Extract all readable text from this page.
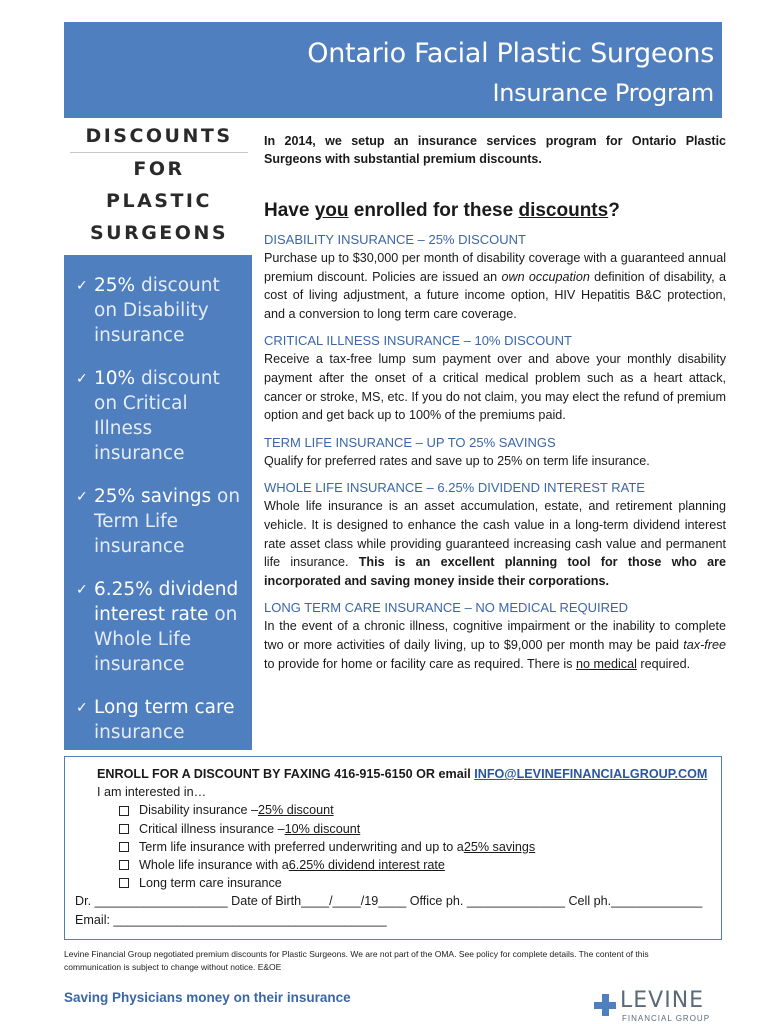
Ontario Facial Plastic Surgeons
Insurance Program
DISCOUNTS
FOR
PLASTIC
SURGEONS
✓ 25% discount on Disability insurance
✓ 10% discount on Critical Illness insurance
✓ 25% savings on Term Life insurance
✓ 6.25% dividend interest rate on Whole Life insurance
✓ Long term care insurance

In 2014, we setup an insurance services program for Ontario Plastic Surgeons with substantial premium discounts.

Have you enrolled for these discounts?
DISABILITY INSURANCE – 25% DISCOUNT

Purchase up to $30,000 per month of disability coverage with a guaranteed annual premium discount. Policies are issued an own occupation definition of disability, a cost of living adjustment, a future income option, HIV Hepatitis B&C protection, and a conversion to long term care coverage.

CRITICAL ILLNESS INSURANCE – 10% DISCOUNT

Receive a tax-free lump sum payment over and above your monthly disability payment after the onset of a critical medical problem such as a heart attack, cancer or stroke, MS, etc. If you do not claim, you may elect the refund of premium option and get back up to 100% of the premiums paid.

TERM LIFE INSURANCE – UP TO 25% SAVINGS

Qualify for preferred rates and save up to 25% on term life insurance.

WHOLE LIFE INSURANCE – 6.25% DIVIDEND INTEREST RATE

Whole life insurance is an asset accumulation, estate, and retirement planning vehicle. It is designed to enhance the cash value in a long-term dividend interest rate asset class while providing guaranteed increasing cash value and permanent life insurance. This is an excellent planning tool for those who are incorporated and saving money inside their corporations.

LONG TERM CARE INSURANCE – NO MEDICAL REQUIRED

In the event of a chronic illness, cognitive impairment or the inability to complete two or more activities of daily living, up to $9,000 per month may be paid tax-free to provide for home or facility care as required. There is no medical required.

ENROLL FOR A DISCOUNT BY FAXING 416-915-6150 OR email INFO@LEVINEFINANCIALGROUP.COM
I am interested in…
Disability insurance – 25% discount
Critical illness insurance – 10% discount
Term life insurance with preferred underwriting and up to a 25% savings
Whole life insurance with a 6.25% dividend interest rate
Long term care insurance
Dr. ___________________ Date of Birth____/____/19____ Office ph. ______________ Cell ph._____________
Email: _______________________________________
Levine Financial Group negotiated premium discounts for Plastic Surgeons. We are not part of the OMA. See policy for complete details. The content of this communication is subject to change without notice. E&OE
Saving Physicians money on their insurance	LEVINE
FINANCIAL GROUP
